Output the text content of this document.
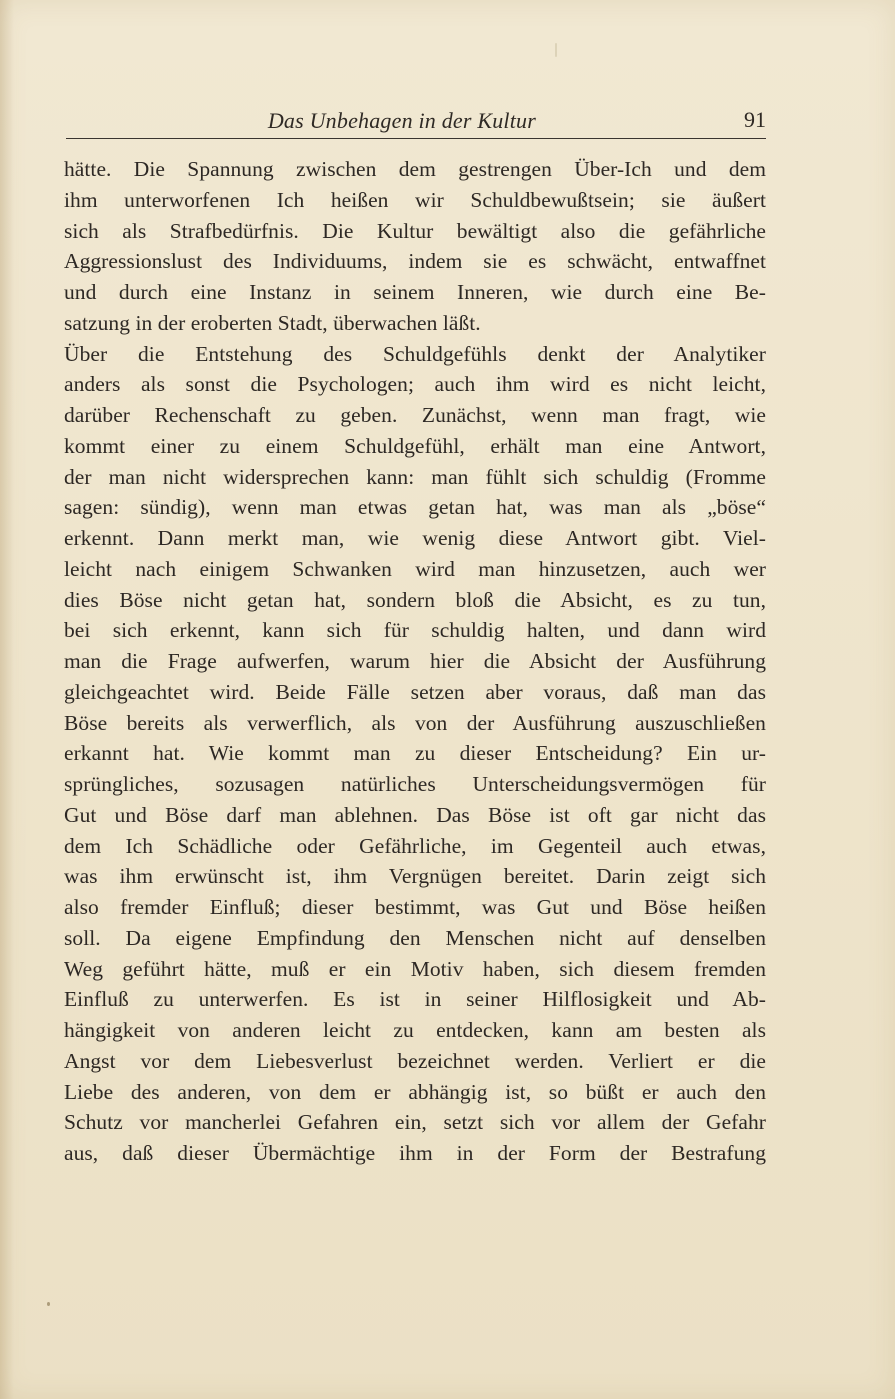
Das Unbehagen in der Kultur	91
hätte. Die Spannung zwischen dem gestrengen Über-Ich und dem
ihm unterworfenen Ich heißen wir Schuldbewußtsein; sie äußert
sich als Strafbedürfnis. Die Kultur bewältigt also die gefährliche
Aggressionslust des Individuums, indem sie es schwächt, entwaffnet
und durch eine Instanz in seinem Inneren, wie durch eine Be-
satzung in der eroberten Stadt, überwachen läßt.
Über die Entstehung des Schuldgefühls denkt der Analytiker
anders als sonst die Psychologen; auch ihm wird es nicht leicht,
darüber Rechenschaft zu geben. Zunächst, wenn man fragt, wie
kommt einer zu einem Schuldgefühl, erhält man eine Antwort,
der man nicht widersprechen kann: man fühlt sich schuldig (Fromme
sagen: sündig), wenn man etwas getan hat, was man als „böse“
erkennt. Dann merkt man, wie wenig diese Antwort gibt. Viel-
leicht nach einigem Schwanken wird man hinzusetzen, auch wer
dies Böse nicht getan hat, sondern bloß die Absicht, es zu tun,
bei sich erkennt, kann sich für schuldig halten, und dann wird
man die Frage aufwerfen, warum hier die Absicht der Ausführung
gleichgeachtet wird. Beide Fälle setzen aber voraus, daß man das
Böse bereits als verwerflich, als von der Ausführung auszuschließen
erkannt hat. Wie kommt man zu dieser Entscheidung? Ein ur-
sprüngliches, sozusagen natürliches Unterscheidungsvermögen für
Gut und Böse darf man ablehnen. Das Böse ist oft gar nicht das
dem Ich Schädliche oder Gefährliche, im Gegenteil auch etwas,
was ihm erwünscht ist, ihm Vergnügen bereitet. Darin zeigt sich
also fremder Einfluß; dieser bestimmt, was Gut und Böse heißen
soll. Da eigene Empfindung den Menschen nicht auf denselben
Weg geführt hätte, muß er ein Motiv haben, sich diesem fremden
Einfluß zu unterwerfen. Es ist in seiner Hilflosigkeit und Ab-
hängigkeit von anderen leicht zu entdecken, kann am besten als
Angst vor dem Liebesverlust bezeichnet werden. Verliert er die
Liebe des anderen, von dem er abhängig ist, so büßt er auch den
Schutz vor mancherlei Gefahren ein, setzt sich vor allem der Gefahr
aus, daß dieser Übermächtige ihm in der Form der Bestrafung
